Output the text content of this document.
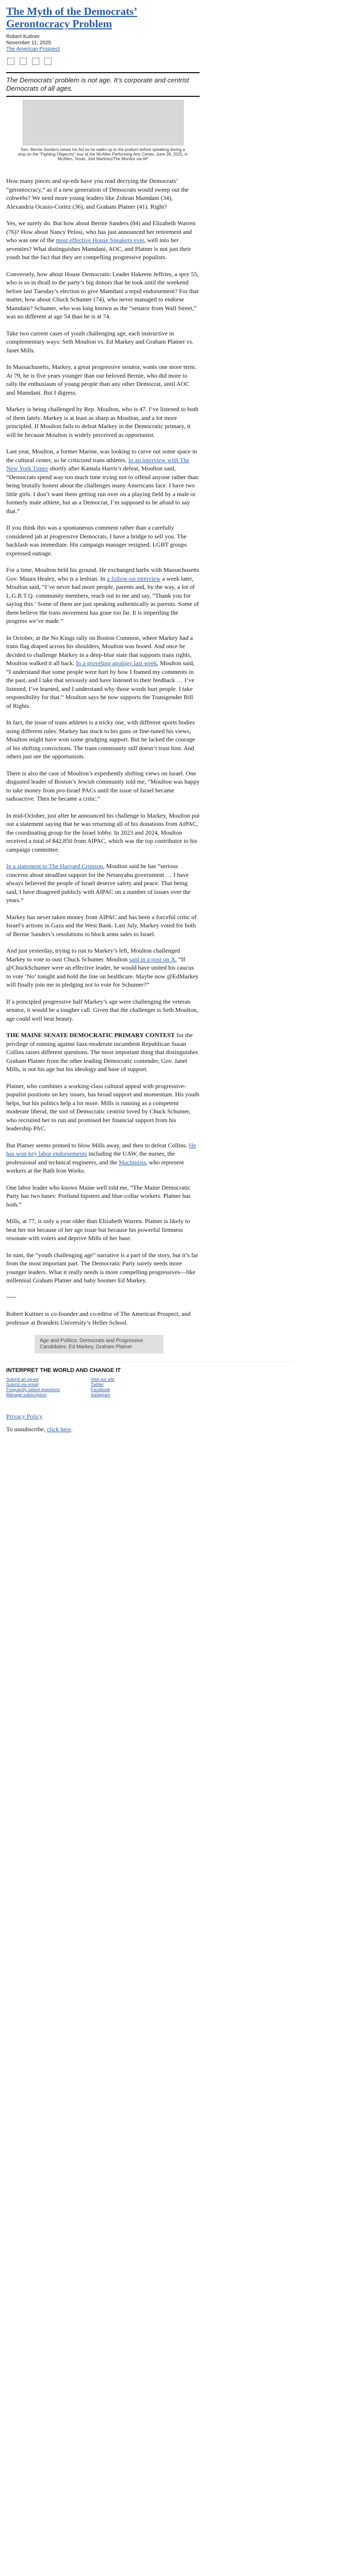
The Myth of the Democrats’ Gerontocracy Problem
Robert Kuttner
November 11, 2025
The American Prospect
The Democrats’ problem is not age. It’s corporate and centrist Democrats of all ages.
Sen. Bernie Sanders raises his fist as he walks up to the podium before speaking during a stop on the “Fighting Oligarchy” tour at the McAllen Performing Arts Center, June 28, 2025, in McAllen, Texas. Joel Martinez/The Monitor via AP

How many pieces and op-eds have you read decrying the Democrats’ “gerontocracy,” as if a new generation of Democrats would sweep out the cobwebs? We need more young leaders like Zohran Mamdani (34), Alexandria Ocasio-Cortez (36), and Graham Platner (41). Right?

Yes, we surely do. But how about Bernie Sanders (84) and Elizabeth Warren (76)? How about Nancy Pelosi, who has just announced her retirement and who was one of the most effective House Speakers ever, well into her seventies? What distinguishes Mamdani, AOC, and Platner is not just their youth but the fact that they are compelling progressive populists.

Conversely, how about House Democratic Leader Hakeem Jeffries, a spry 55, who is so in thrall to the party’s big donors that he took until the weekend before last Tuesday’s election to give Mamdani a tepid endorsement? For that matter, how about Chuck Schumer (74), who never managed to endorse Mamdani? Schumer, who was long known as the “senator from Wall Street,” was no different at age 54 than he is at 74.

Take two current cases of youth challenging age, each instructive in complementary ways: Seth Moulton vs. Ed Markey and Graham Platner vs. Janet Mills.

In Massachusetts, Markey, a great progressive senator, wants one more term. At 79, he is five years younger than our beloved Bernie, who did more to rally the enthusiasm of young people than any other Democrat, until AOC and Mamdani. But I digress.

Markey is being challenged by Rep. Moulton, who is 47. I’ve listened to both of them lately. Markey is at least as sharp as Moulton, and a lot more principled. If Moulton fails to defeat Markey in the Democratic primary, it will be because Moulton is widely perceived as opportunist.

Last year, Moulton, a former Marine, was looking to carve out some space in the cultural center, so he criticized trans athletes. In an interview with The New York Times shortly after Kamala Harris’s defeat, Moulton said, “Democrats spend way too much time trying not to offend anyone rather than being brutally honest about the challenges many Americans face. I have two little girls. I don’t want them getting run over on a playing field by a male or formerly male athlete, but as a Democrat, I’m supposed to be afraid to say that.”

If you think this was a spontaneous comment rather than a carefully considered jab at progressive Democrats, I have a bridge to sell you. The backlash was immediate. His campaign manager resigned. LGBT groups expressed outrage.

For a time, Moulton held his ground. He exchanged barbs with Massachusetts Gov. Maura Healey, who is a lesbian. In a follow-on interview a week later, Moulton said, “I’ve never had more people, parents and, by the way, a lot of L.G.B.T.Q. community members, reach out to me and say, “Thank you for saying this.’ Some of them are just speaking authentically as parents. Some of them believe the trans movement has gone too far. It is imperiling the progress we’ve made.”

In October, at the No Kings rally on Boston Common, where Markey had a trans flag draped across his shoulders, Moulton was booed. And once he decided to challenge Markey in a deep-blue state that supports trans rights, Moulton walked it all back. In a groveling apology last week, Moulton said, “I understand that some people were hurt by how I framed my comments in the past, and I take that seriously and have listened to their feedback … I’ve listened, I’ve learned, and I understand why those words hurt people. I take responsibility for that.” Moulton says he now supports the Transgender Bill of Rights.

In fact, the issue of trans athletes is a tricky one, with different sports bodies using different rules. Markey has stuck to his guns or fine-tuned his views, Moulton might have won some grudging support. But he lacked the courage of his shifting convictions. The trans community still doesn’t trust him. And others just see the opportunism.

There is also the case of Moulton’s expediently shifting views on Israel. One disgusted leader of Boston’s Jewish community told me, “Moulton was happy to take money from pro-Israel PACs until the issue of Israel became radioactive. Then he became a critic.”

In mid-October, just after he announced his challenge to Markey, Moulton put out a statement saying that he was returning all of his donations from AIPAC, the coordinating group for the Israel lobby. In 2023 and 2024, Moulton received a total of $42,850 from AIPAC, which was the top contributor to his campaign committee.

In a statement to The Harvard Crimson, Moulton said he has “serious concerns about steadfast support for the Netanyahu government … I have always believed the people of Israel deserve safety and peace. That being said, I have disagreed publicly with AIPAC on a number of issues over the years.”

Markey has never taken money from AIPAC and has been a forceful critic of Israel’s actions in Gaza and the West Bank. Last July, Markey voted for both of Bernie Sanders’s resolutions to block arms sales to Israel.

And just yesterday, trying to run to Markey’s left, Moulton challenged Markey to vote to oust Chuck Schumer. Moulton said in a post on X, “If @ChuckSchumer were an effective leader, he would have united his caucus to vote ‘No’ tonight and hold the line on healthcare. Maybe now @EdMarkey will finally join me in pledging not to vote for Schumer?”

If a principled progressive half Markey’s age were challenging the veteran senator, it would be a tougher call. Given that the challenger is Seth Moulton, age could well beat beauty.

THE MAINE SENATE DEMOCRATIC PRIMARY CONTEST for the privilege of running against faux-moderate incumbent Republican Susan Collins raises different questions. The most important thing that distinguishes Graham Platner from the other leading Democratic contender, Gov. Janet Mills, is not his age but his ideology and base of support.

Platner, who combines a working-class cultural appeal with progressive-populist positions on key issues, has broad support and momentum. His youth helps, but his politics help a lot more. Mills is running as a competent moderate liberal, the sort of Democratic centrist loved by Chuck Schumer, who recruited her to run and promised her financial support from his leadership PAC.

But Platner seems primed to blow Mills away, and then to defeat Collins. He has won key labor endorsements including the UAW, the nurses, the professional and technical engineers, and the Machinists, who represent workers at the Bath Iron Works.

One labor leader who knows Maine well told me, “The Maine Democratic Party has two bases: Portland hipsters and blue-collar workers. Platner has both.”

Mills, at 77, is only a year older than Elizabeth Warren. Platner is likely to beat her not because of her age issue but because his powerful firmness resonate with voters and deprive Mills of her base.

In sum, the “youth challenging age” narrative is a part of the story, but it’s far from the most important part. The Democratic Party surely needs more younger leaders. What it really needs is more compelling progressives—like millennial Graham Platner and baby boomer Ed Markey.

~~~

Robert Kuttner is co-founder and co-editor of The American Prospect, and professor at Brandeis University’s Heller School.

Age and Politics: Democrats and Progressive Candidates: Ed Markey, Graham Platner
INTERPRET THE WORLD AND CHANGE IT
Submit an op-ed
Submit via email
Frequently asked questions
Manage subscription
Visit our site
Twitter
Facebook
Instagram
Privacy Policy
To unsubscribe, click here.
